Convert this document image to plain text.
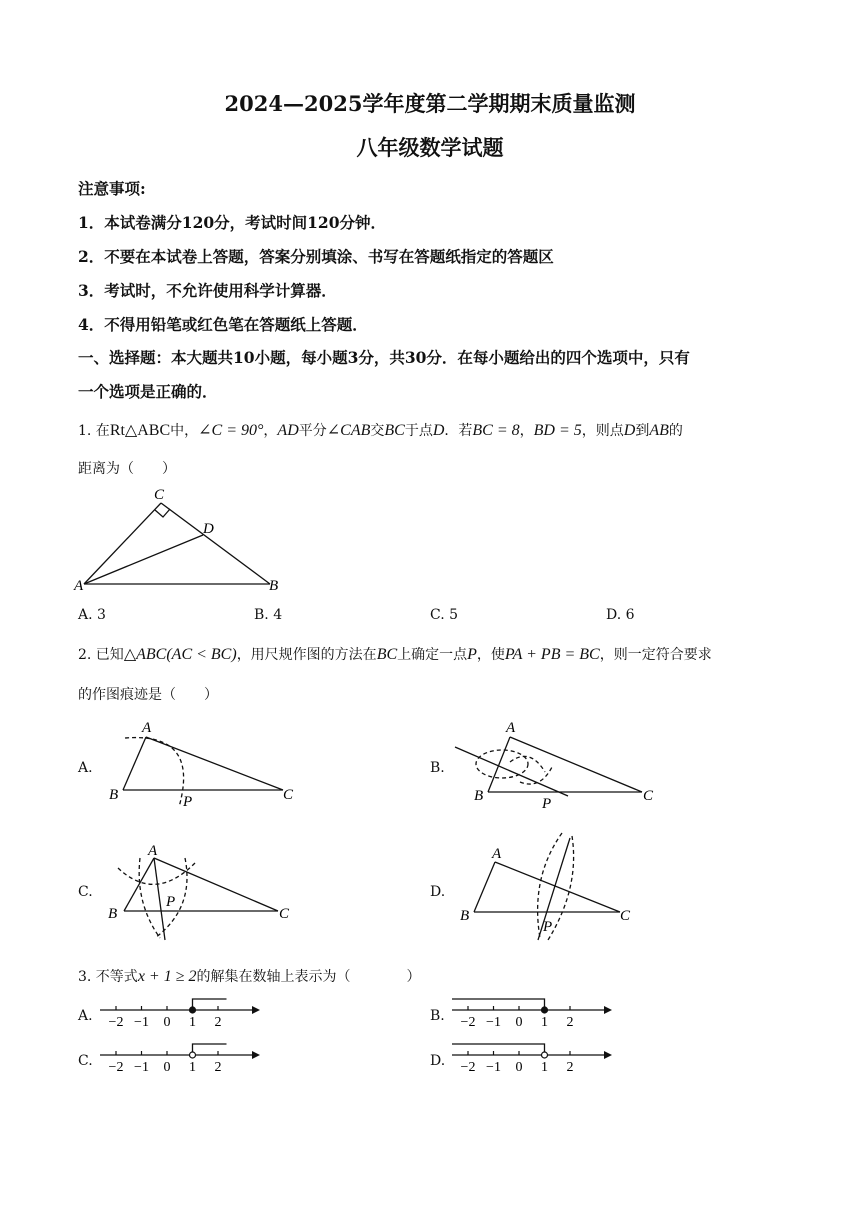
2024—2025学年度第二学期期末质量监测
八年级数学试题
注意事项:
1．本试卷满分120分，考试时间120分钟．
2．不要在本试卷上答题，答案分别填涂、书写在答题纸指定的答题区
3．考试时，不允许使用科学计算器．
4．不得用铅笔或红色笔在答题纸上答题．
一、选择题：本大题共10小题，每小题3分，共30分．在每小题给出的四个选项中，只有
一个选项是正确的．
1. 在Rt△ABC中，∠C = 90°，AD平分∠CAB交BC于点D．若BC = 8，BD = 5，则点D到AB的
距离为（　　）
C
D
A	B
A. 3	B. 4	C. 5	D. 6
2. 已知△ABC(AC < BC)，用尺规作图的方法在BC上确定一点P，使PA + PB = BC，则一定符合要求
的作图痕迹是（　　）
A.
A
B	C
P
B.
A
B	C
P
C.
A
B	C
P
D.
A
B	C
P
3. 不等式x + 1 ≥ 2的解集在数轴上表示为（　　　　）
A. −2 −1 0 1 2	B. −2 −1 0 1 2
C. −2 −1 0 1 2	D. −2 −1 0 1 2
